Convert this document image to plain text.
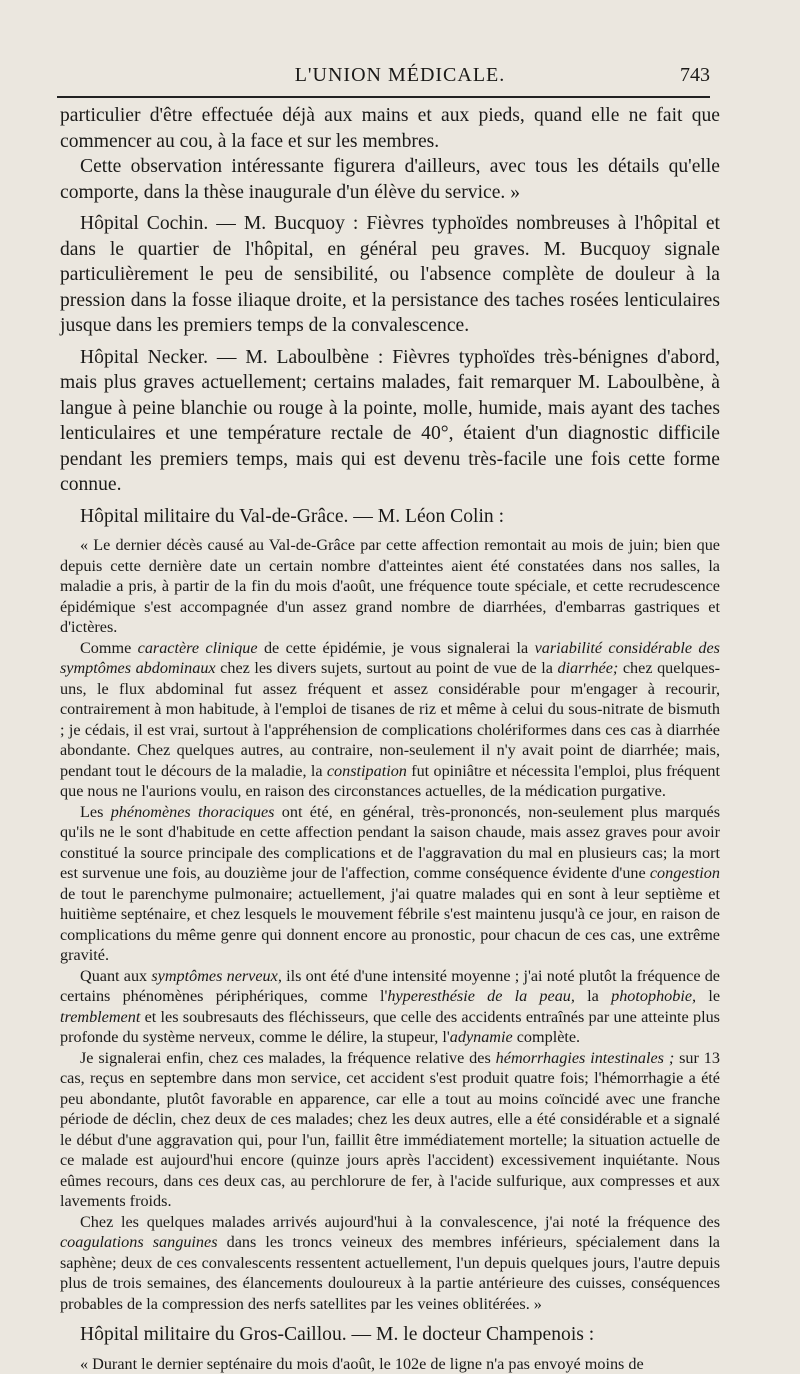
L'UNION MÉDICALE.	743

particulier d'être effectuée déjà aux mains et aux pieds, quand elle ne fait que commencer au cou, à la face et sur les membres.

Cette observation intéressante figurera d'ailleurs, avec tous les détails qu'elle comporte, dans la thèse inaugurale d'un élève du service. »

Hôpital Cochin. — M. Bucquoy : Fièvres typhoïdes nombreuses à l'hôpital et dans le quartier de l'hôpital, en général peu graves. M. Bucquoy signale particulièrement le peu de sensibilité, ou l'absence complète de douleur à la pression dans la fosse iliaque droite, et la persistance des taches rosées lenticulaires jusque dans les premiers temps de la convalescence.

Hôpital Necker. — M. Laboulbène : Fièvres typhoïdes très-bénignes d'abord, mais plus graves actuellement; certains malades, fait remarquer M. Laboulbène, à langue à peine blanchie ou rouge à la pointe, molle, humide, mais ayant des taches lenticulaires et une température rectale de 40°, étaient d'un diagnostic difficile pendant les premiers temps, mais qui est devenu très-facile une fois cette forme connue.

Hôpital militaire du Val-de-Grâce. — M. Léon Colin :

« Le dernier décès causé au Val-de-Grâce par cette affection remontait au mois de juin; bien que depuis cette dernière date un certain nombre d'atteintes aient été constatées dans nos salles, la maladie a pris, à partir de la fin du mois d'août, une fréquence toute spéciale, et cette recrudescence épidémique s'est accompagnée d'un assez grand nombre de diarrhées, d'embarras gastriques et d'ictères.

Comme caractère clinique de cette épidémie, je vous signalerai la variabilité considérable des symptômes abdominaux chez les divers sujets, surtout au point de vue de la diarrhée; chez quelques-uns, le flux abdominal fut assez fréquent et assez considérable pour m'engager à recourir, contrairement à mon habitude, à l'emploi de tisanes de riz et même à celui du sous-nitrate de bismuth ; je cédais, il est vrai, surtout à l'appréhension de complications cholériformes dans ces cas à diarrhée abondante. Chez quelques autres, au contraire, non-seulement il n'y avait point de diarrhée; mais, pendant tout le décours de la maladie, la constipation fut opiniâtre et nécessita l'emploi, plus fréquent que nous ne l'aurions voulu, en raison des circonstances actuelles, de la médication purgative.

Les phénomènes thoraciques ont été, en général, très-prononcés, non-seulement plus marqués qu'ils ne le sont d'habitude en cette affection pendant la saison chaude, mais assez graves pour avoir constitué la source principale des complications et de l'aggravation du mal en plusieurs cas; la mort est survenue une fois, au douzième jour de l'affection, comme conséquence évidente d'une congestion de tout le parenchyme pulmonaire; actuellement, j'ai quatre malades qui en sont à leur septième et huitième septénaire, et chez lesquels le mouvement fébrile s'est maintenu jusqu'à ce jour, en raison de complications du même genre qui donnent encore au pronostic, pour chacun de ces cas, une extrême gravité.

Quant aux symptômes nerveux, ils ont été d'une intensité moyenne ; j'ai noté plutôt la fréquence de certains phénomènes périphériques, comme l'hyperesthésie de la peau, la photophobie, le tremblement et les soubresauts des fléchisseurs, que celle des accidents entraînés par une atteinte plus profonde du système nerveux, comme le délire, la stupeur, l'adynamie complète.

Je signalerai enfin, chez ces malades, la fréquence relative des hémorrhagies intestinales ; sur 13 cas, reçus en septembre dans mon service, cet accident s'est produit quatre fois; l'hémorrhagie a été peu abondante, plutôt favorable en apparence, car elle a tout au moins coïncidé avec une franche période de déclin, chez deux de ces malades; chez les deux autres, elle a été considérable et a signalé le début d'une aggravation qui, pour l'un, faillit être immédiatement mortelle; la situation actuelle de ce malade est aujourd'hui encore (quinze jours après l'accident) excessivement inquiétante. Nous eûmes recours, dans ces deux cas, au perchlorure de fer, à l'acide sulfurique, aux compresses et aux lavements froids.

Chez les quelques malades arrivés aujourd'hui à la convalescence, j'ai noté la fréquence des coagulations sanguines dans les troncs veineux des membres inférieurs, spécialement dans la saphène; deux de ces convalescents ressentent actuellement, l'un depuis quelques jours, l'autre depuis plus de trois semaines, des élancements douloureux à la partie antérieure des cuisses, conséquences probables de la compression des nerfs satellites par les veines oblitérées. »

Hôpital militaire du Gros-Caillou. — M. le docteur Champenois :

« Durant le dernier septénaire du mois d'août, le 102e de ligne n'a pas envoyé moins de
